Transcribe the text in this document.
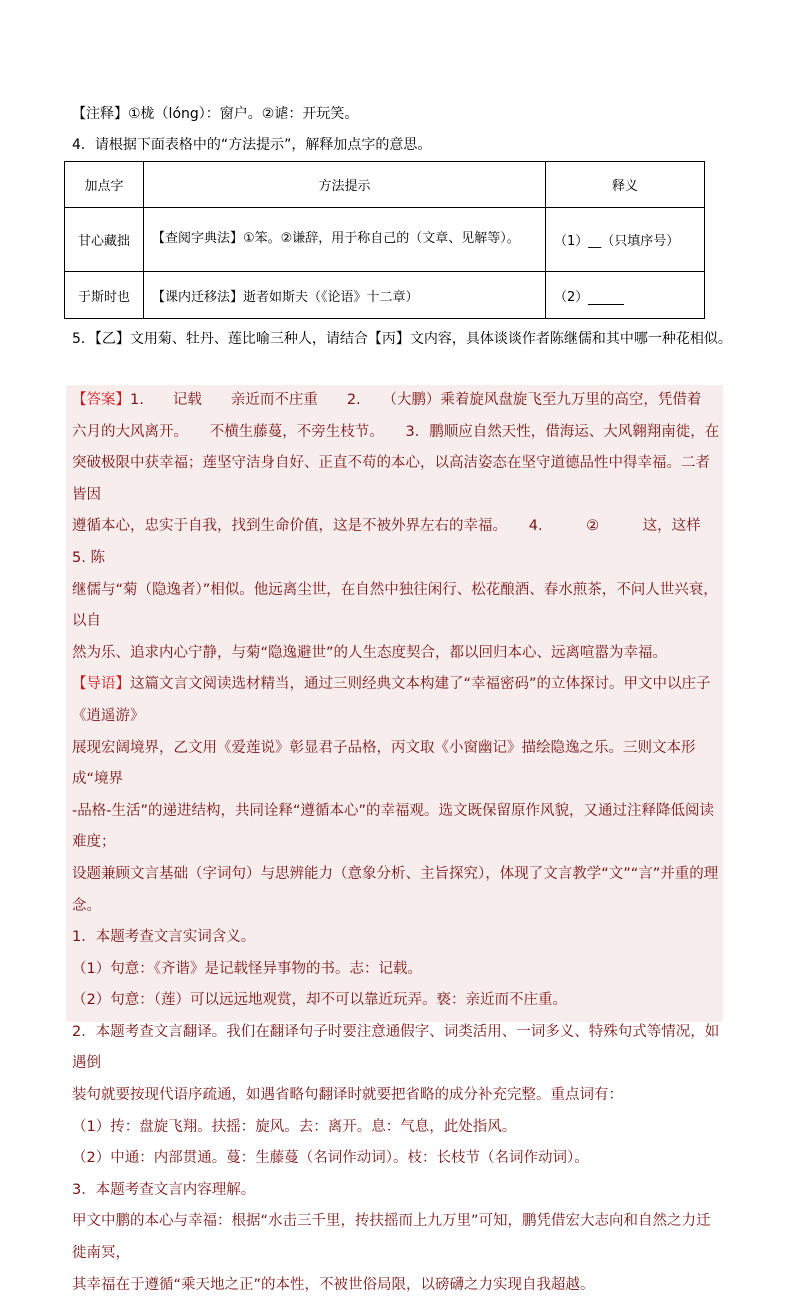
【注释】①栊（lóng）：窗户。②谑：开玩笑。
4．请根据下面表格中的“方法提示”，解释加点字的意思。
加点字	方法提示	释义
甘心藏拙	【查阅字典法】①笨。②谦辞，用于称自己的（文章、见解等）。	（1）__（只填序号）
于斯时也	【课内迁移法】逝者如斯夫（《论语》十二章）	（2）
5．【乙】文用菊、牡丹、莲比喻三种人，请结合【丙】文内容，具体谈谈作者陈继儒和其中哪一种花相似。
【答案】1.　　记载　　亲近而不庄重　　2.　　（大鹏）乘着旋风盘旋飞至九万里的高空，凭借着
六月的大风离开。　　不横生藤蔓，不旁生枝节。　　3．鹏顺应自然天性，借海运、大风翱翔南徙，在
突破极限中获幸福；莲坚守洁身自好、正直不苟的本心，以高洁姿态在坚守道德品性中得幸福。二者皆因
遵循本心，忠实于自我，找到生命价值，这是不被外界左右的幸福。　　4.　　　②　　　这，这样　　5. 陈
继儒与“菊（隐逸者）”相似。他远离尘世，在自然中独往闲行、松花酿酒、春水煎茶，不问人世兴衰，以自
然为乐、追求内心宁静，与菊“隐逸避世”的人生态度契合，都以回归本心、远离喧嚣为幸福。
【导语】这篇文言文阅读选材精当，通过三则经典文本构建了“幸福密码”的立体探讨。甲文中以庄子《逍遥游》
展现宏阔境界，乙文用《爱莲说》彰显君子品格，丙文取《小窗幽记》描绘隐逸之乐。三则文本形成“境界
-品格-生活”的递进结构，共同诠释“遵循本心”的幸福观。选文既保留原作风貌，又通过注释降低阅读难度；
设题兼顾文言基础（字词句）与思辨能力（意象分析、主旨探究），体现了文言教学“文”“言”并重的理念。
1．本题考查文言实词含义。
（1）句意：《齐谐》是记载怪异事物的书。志：记载。
（2）句意：（莲）可以远远地观赏，却不可以靠近玩弄。亵：亲近而不庄重。
2．本题考查文言翻译。我们在翻译句子时要注意通假字、词类活用、一词多义、特殊句式等情况，如遇倒
装句就要按现代语序疏通，如遇省略句翻译时就要把省略的成分补充完整。重点词有：
（1）抟：盘旋飞翔。扶摇：旋风。去：离开。息：气息，此处指风。
（2）中通：内部贯通。蔓：生藤蔓（名词作动词）。枝：长枝节（名词作动词）。
3．本题考查文言内容理解。
甲文中鹏的本心与幸福：根据“水击三千里，抟扶摇而上九万里”可知，鹏凭借宏大志向和自然之力迁徙南冥，
其幸福在于遵循“乘天地之正”的本性，不被世俗局限，以磅礴之力实现自我超越。
